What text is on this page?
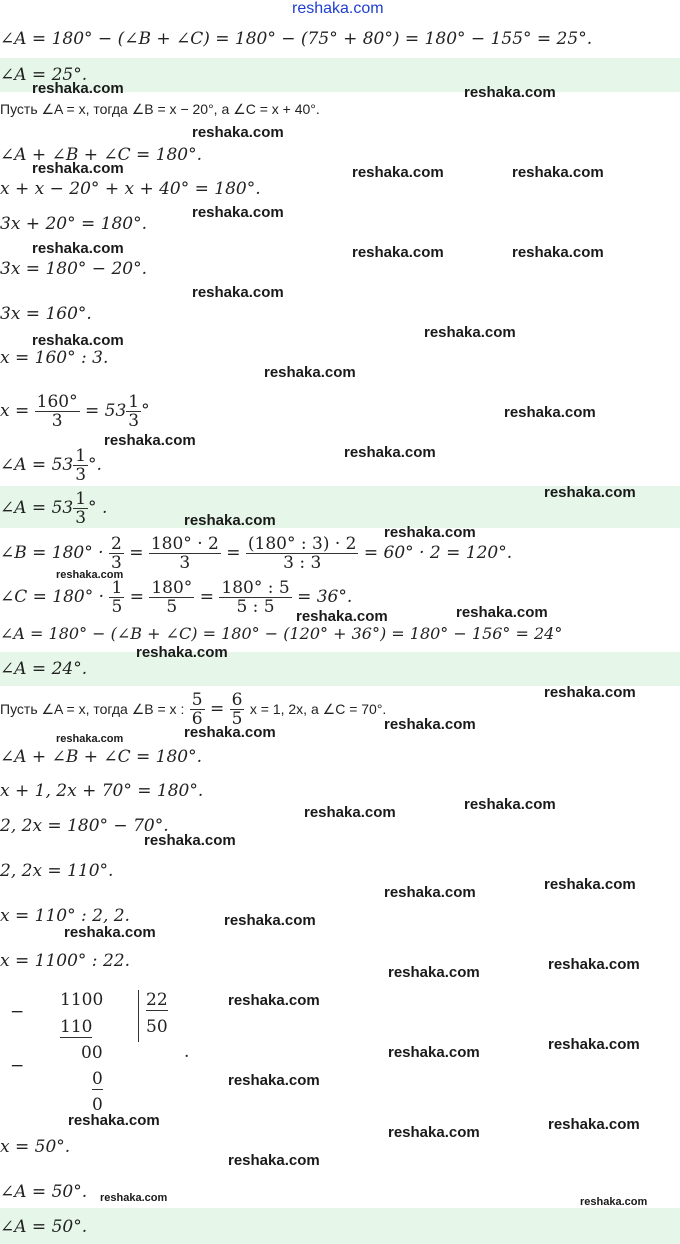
reshaka.com
∠A = 180° − (∠B + ∠C) = 180° − (75° + 80°) = 180° − 155° = 25°.
∠A = 25°.
Пусть ∠A = x, тогда ∠B = x − 20°, а ∠C = x + 40°.
∠A + ∠B + ∠C = 180°.
x + x − 20° + x + 40° = 180°.
3x + 20° = 180°.
3x = 180° − 20°.
3x = 160°.
x = 160° : 3.
$x = \frac{160^\circ}{3} = 53 \frac{1}{3}$ °
∠A = $53 \frac{1}{3}$ °.
∠A = $53 \frac{1}{3}$ ° .
∠B = $180^\circ \cdot \frac{2}{3} = \frac{180^\circ \cdot 2}{3} = \frac{(180^\circ : 3) \cdot 2}{3 : 3} = 60^\circ \cdot 2 = 120^\circ$.
∠C = $180^\circ \cdot \frac{1}{5} = \frac{180^\circ}{5} = \frac{180^\circ : 5}{5 : 5} = 36^\circ$.
∠A = 180° − (∠B + ∠C) = 180° − (120° + 36°) = 180° − 156° = 24°
∠A = 24°.
Пусть ∠A = x, тогда ∠B = x : $\frac{5}{6} = \frac{6}{5}$ x = 1, 2x, а ∠C = 70°.
∠A + ∠B + ∠C = 180°.
x + 1, 2x + 70° = 180°.
2, 2x = 180° − 70°.
2, 2x = 110°.
x = 110° : 2, 2.
x = 1100° : 22.
−
1100	22
110	50
00	.
−
0
0
x = 50°.
∠A = 50°.
∠A = 50°.
reshaka.com	reshaka.com
reshaka.com
reshaka.com	reshaka.com	reshaka.com
reshaka.com
reshaka.com	reshaka.com	reshaka.com
reshaka.com
reshaka.com
reshaka.com
reshaka.com
reshaka.com
reshaka.com
reshaka.com
reshaka.com
reshaka.com
reshaka.com
reshaka.com
reshaka.com
reshaka.com
reshaka.com
reshaka.com
reshaka.com
reshaka.com
reshaka.com
reshaka.com
reshaka.com
reshaka.com
reshaka.com
reshaka.com
reshaka.com
reshaka.com
reshaka.com
reshaka.com
reshaka.com
reshaka.com
reshaka.com
reshaka.com
reshaka.com	reshaka.com
reshaka.com
reshaka.com
reshaka.com	reshaka.com
